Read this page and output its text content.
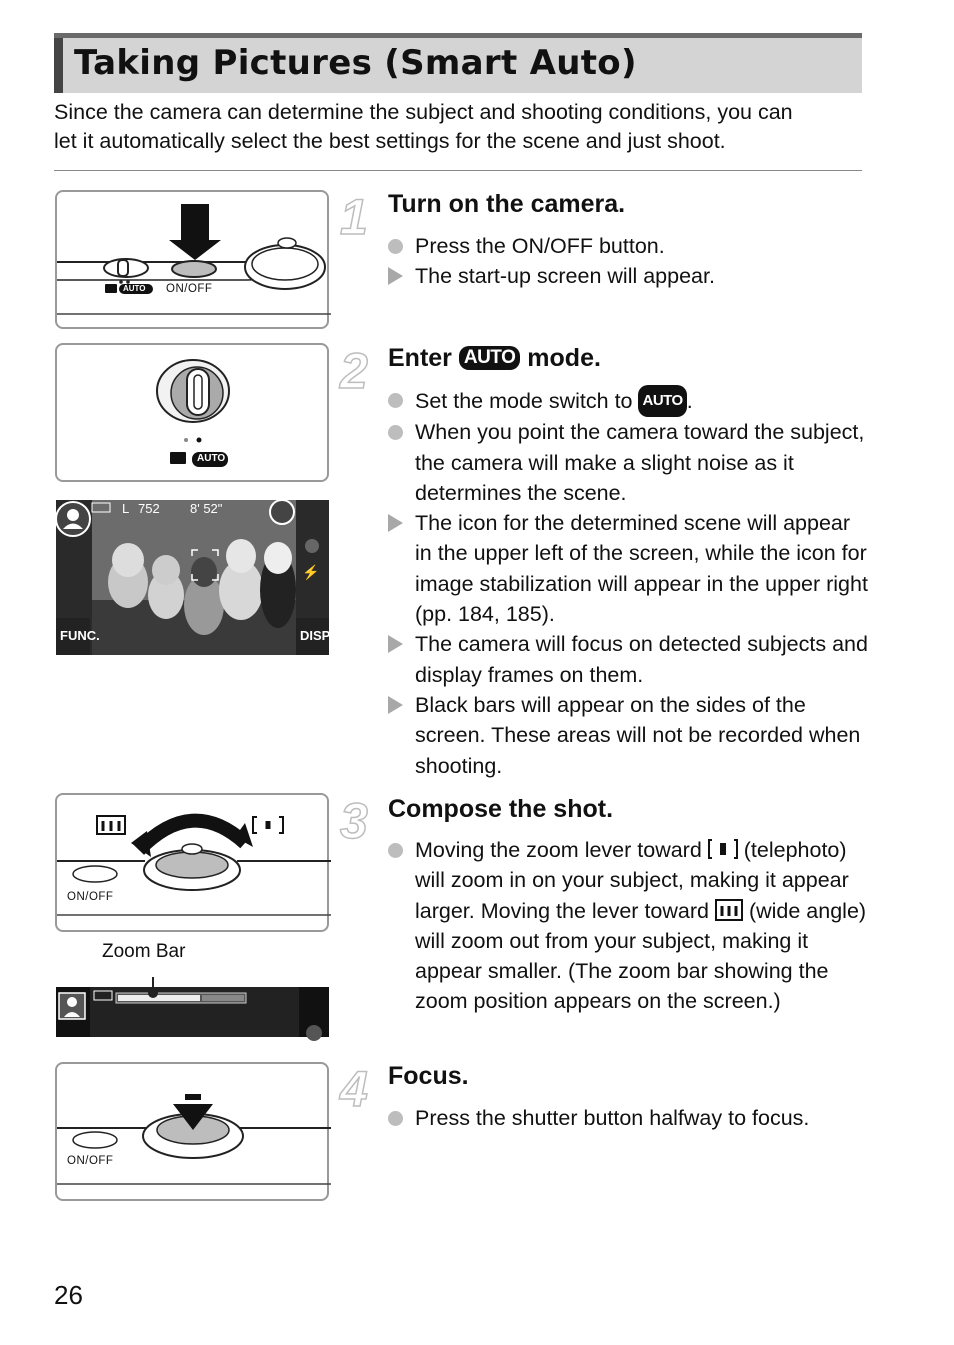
Taking Pictures (Smart Auto)

Since the camera can determine the subject and shooting conditions, you can

let it automatically select the best settings for the scene and just shoot.

AUTO ON/OFF
AUTO
L 752 8' 52"
FUNC.	DISP.
⚡
ON/OFF
Zoom Bar
ON/OFF
1 Turn on the camera.
Press the ON/OFF button.
The start-up screen will appear.
2 Enter AUTO mode.
Set the mode switch to AUTO .
When you point the camera toward the subject, the camera will make a slight noise as it determines the scene.
The icon for the determined scene will appear in the upper left of the screen, while the icon for image stabilization will appear in the upper right (pp. 184, 185).
The camera will focus on detected subjects and display frames on them.
Black bars will appear on the sides of the screen. These areas will not be recorded when shooting.
3 Compose the shot.
Moving the zoom lever toward (telephoto) will zoom in on your subject, making it appear larger. Moving the lever toward (wide angle) will zoom out from your subject, making it appear smaller. (The zoom bar showing the zoom position appears on the screen.)
4 Focus.
Press the shutter button halfway to focus.
26
